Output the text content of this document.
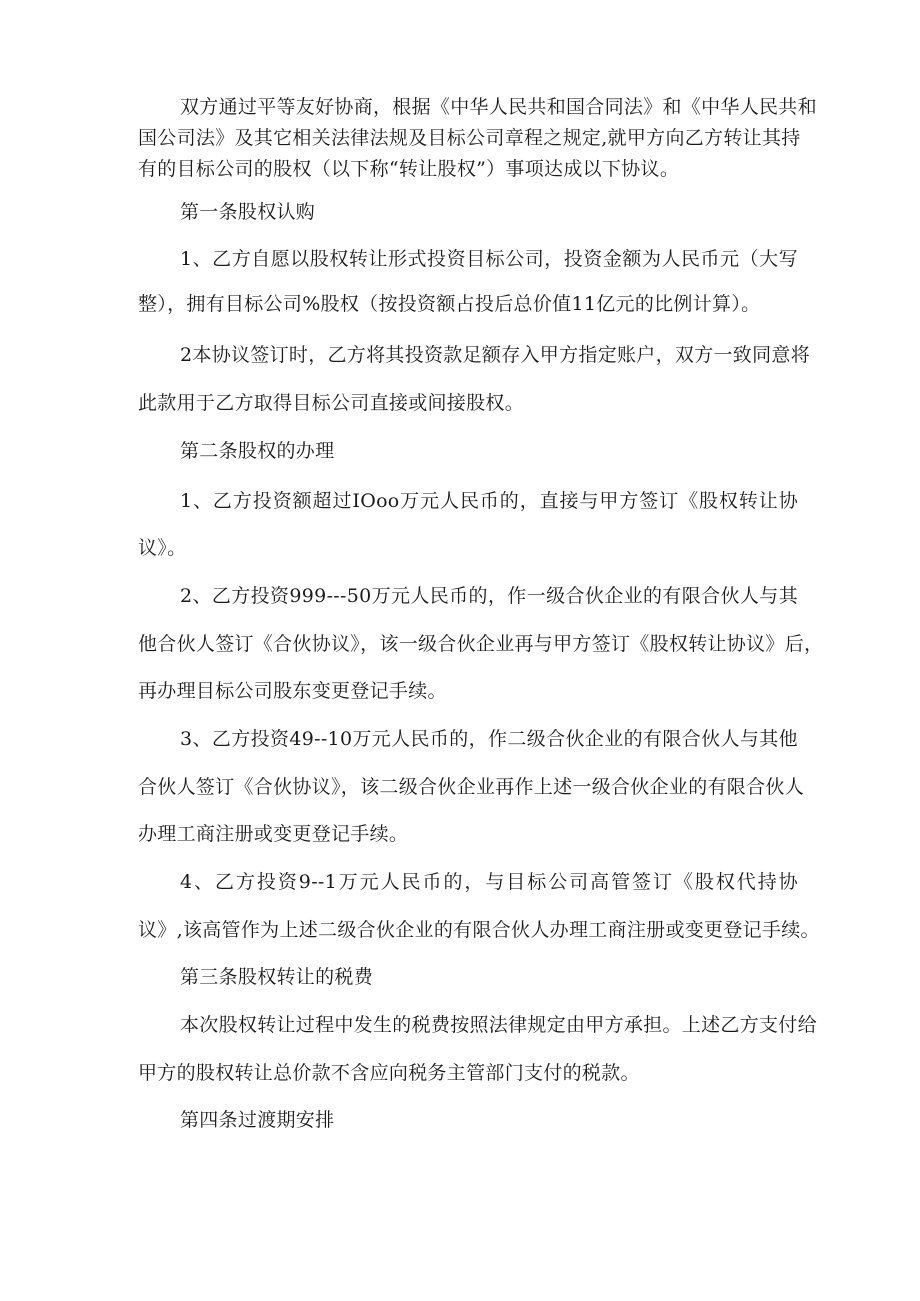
双方通过平等友好协商，根据《中华人民共和国合同法》和《中华人民共和
国公司法》及其它相关法律法规及目标公司章程之规定,就甲方向乙方转让其持
有的目标公司的股权（以下称“转让股权”）事项达成以下协议。
第一条股权认购
1、乙方自愿以股权转让形式投资目标公司，投资金额为人民币元（大写
整），拥有目标公司%股权（按投资额占投后总价值11亿元的比例计算）。
2本协议签订时，乙方将其投资款足额存入甲方指定账户，双方一致同意将
此款用于乙方取得目标公司直接或间接股权。
第二条股权的办理
1、乙方投资额超过IOoo万元人民币的，直接与甲方签订《股权转让协
议》。
2、乙方投资999---50万元人民币的，作一级合伙企业的有限合伙人与其
他合伙人签订《合伙协议》，该一级合伙企业再与甲方签订《股权转让协议》后，
再办理目标公司股东变更登记手续。
3、乙方投资49--10万元人民币的，作二级合伙企业的有限合伙人与其他
合伙人签订《合伙协议》，该二级合伙企业再作上述一级合伙企业的有限合伙人
办理工商注册或变更登记手续。
4、乙方投资9--1万元人民币的，与目标公司高管签订《股权代持协
议》,该高管作为上述二级合伙企业的有限合伙人办理工商注册或变更登记手续。
第三条股权转让的税费
本次股权转让过程中发生的税费按照法律规定由甲方承担。上述乙方支付给
甲方的股权转让总价款不含应向税务主管部门支付的税款。
第四条过渡期安排
